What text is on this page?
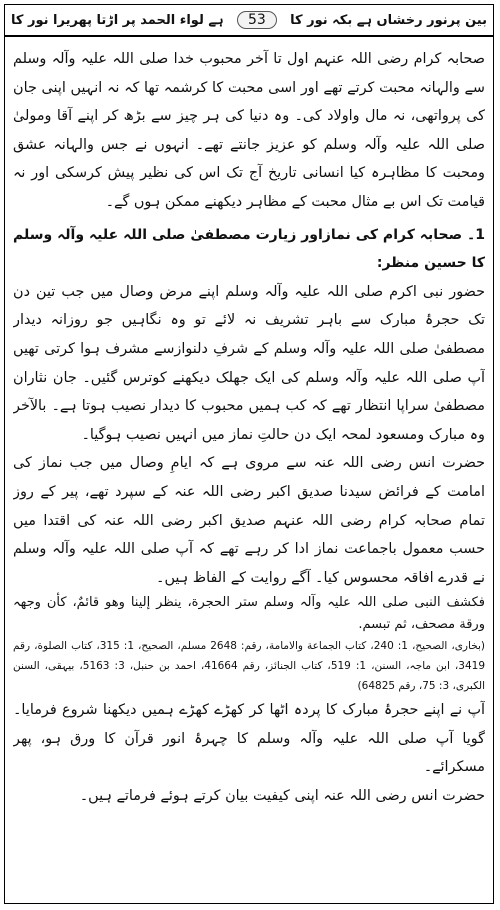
بین پرنور رخشاں ہے بکہ نور کا
53
ہے لواء الحمد پر اڑتا پھریرا نور کا

صحابہ کرام رضی اللہ عنہم اول تا آخر محبوب خدا صلی اللہ علیہ وآلہ وسلم سے والہانہ محبت کرتے تھے اور اسی محبت کا کرشمہ تھا کہ نہ انہیں اپنی جان کی پرواتھی، نہ مال واولاد کی۔ وہ دنیا کی ہر چیز سے بڑھ کر اپنے آقا ومولیٰ صلی اللہ علیہ وآلہ وسلم کو عزیز جانتے تھے۔ انہوں نے جس والہانہ عشق ومحبت کا مظاہرہ کیا انسانی تاریخ آج تک اس کی نظیر پیش کرسکی اور نہ قیامت تک اس بے مثال محبت کے مظاہر دیکھنے ممکن ہوں گے۔

1۔ صحابہ کرام کی نمازاور زیارت مصطفیٰ صلی اللہ علیہ وآلہ وسلم کا حسین منظر:

حضور نبی اکرم صلی اللہ علیہ وآلہ وسلم اپنے مرض وصال میں جب تین دن تک حجرۂ مبارک سے باہر تشریف نہ لائے تو وہ نگاہیں جو روزانہ دیدار مصطفیٰ صلی اللہ علیہ وآلہ وسلم کے شرفِ دلنوازسے مشرف ہوا کرتی تھیں آپ صلی اللہ علیہ وآلہ وسلم کی ایک جھلک دیکھنے کوترس گئیں۔ جان نثاران مصطفیٰ سراپا انتظار تھے کہ کب ہمیں محبوب کا دیدار نصیب ہوتا ہے۔ بالآخر وہ مبارک ومسعود لمحہ ایک دن حالتِ نماز میں انہیں نصیب ہوگیا۔

حضرت انس رضی اللہ عنہ سے مروی ہے کہ ایامِ وصال میں جب نماز کی امامت کے فرائض سیدنا صدیق اکبر رضی اللہ عنہ کے سپرد تھے، پیر کے روز تمام صحابہ کرام رضی اللہ عنہم صدیق اکبر رضی اللہ عنہ کی اقتدا میں حسب معمول باجماعت نماز ادا کر رہے تھے کہ آپ صلی اللہ علیہ وآلہ وسلم نے قدرے افاقہ محسوس کیا۔ آگے روایت کے الفاظ ہیں۔

فکشف النبی صلی اللہ علیہ وآلہ وسلم ستر الحجرة، ینظر إلینا وھو قائمٌ، کأن وجھہ ورقة مصحف، ثم تبسم.

(بخاری، الصحیح، 1: 240، کتاب الجماعة والامامة، رقم: 2648 مسلم، الصحیح، 1: 315، کتاب الصلوة، رقم 3419، ابن ماجہ، السنن، 1: 519، کتاب الجنائز، رقم 41664، احمد بن حنبل، 3: 5163، بیہقی، السنن الکبری، 3: 75، رقم 64825)

آپ نے اپنے حجرۂ مبارک کا پردہ اٹھا کر کھڑے کھڑے ہمیں دیکھنا شروع فرمایا۔ گویا آپ صلی اللہ علیہ وآلہ وسلم کا چہرۂ انور قرآن کا ورق ہو، پھر مسکرائے۔

حضرت انس رضی اللہ عنہ اپنی کیفیت بیان کرتے ہوئے فرماتے ہیں۔
